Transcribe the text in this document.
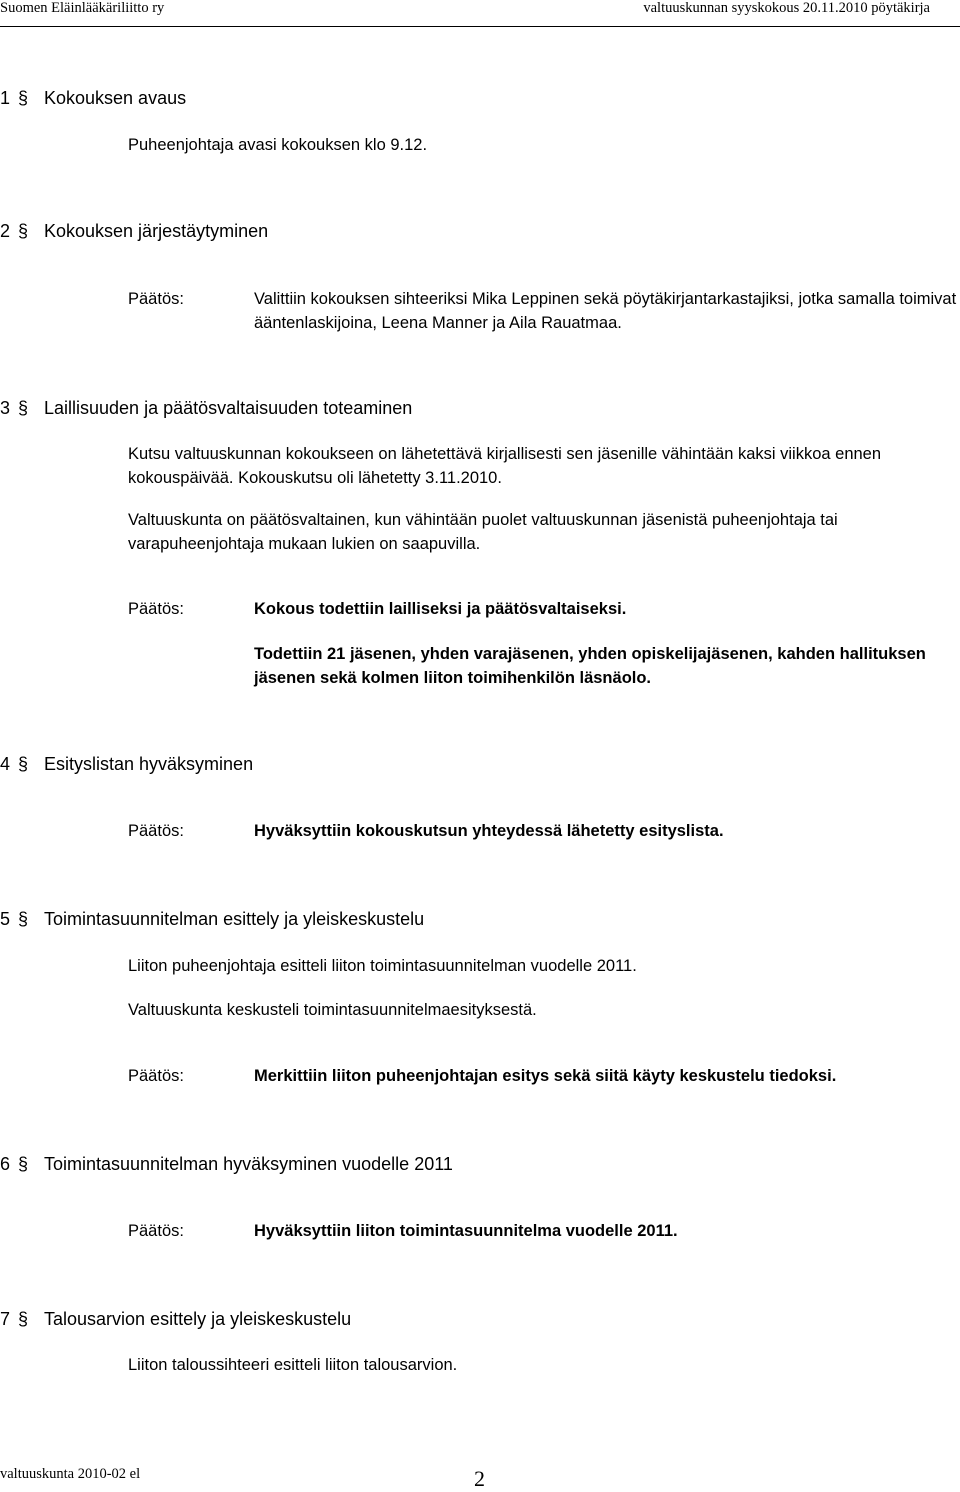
Suomen Eläinlääkäriliitto ry	valtuuskunnan syyskokous 20.11.2010 pöytäkirja
1 § Kokouksen avaus
Puheenjohtaja avasi kokouksen klo 9.12.
2 § Kokouksen järjestäytyminen
Päätös:	Valittiin kokouksen sihteeriksi Mika Leppinen sekä pöytäkirjantarkastajiksi, jotka samalla toimivat ääntenlaskijoina, Leena Manner ja Aila Rauatmaa.
3 § Laillisuuden ja päätösvaltaisuuden toteaminen
Kutsu valtuuskunnan kokoukseen on lähetettävä kirjallisesti sen jäsenille vähintään kaksi viikkoa ennen kokouspäivää. Kokouskutsu oli lähetetty 3.11.2010.
Valtuuskunta on päätösvaltainen, kun vähintään puolet valtuuskunnan jäsenistä puheenjohtaja tai varapuheenjohtaja mukaan lukien on saapuvilla.
Päätös:	Kokous todettiin lailliseksi ja päätösvaltaiseksi.
Todettiin 21 jäsenen, yhden varajäsenen, yhden opiskelijajäsenen, kahden hallituksen jäsenen sekä kolmen liiton toimihenkilön läsnäolo.
4 § Esityslistan hyväksyminen
Päätös:	Hyväksyttiin kokouskutsun yhteydessä lähetetty esityslista.
5 § Toimintasuunnitelman esittely ja yleiskeskustelu
Liiton puheenjohtaja esitteli liiton toimintasuunnitelman vuodelle 2011.
Valtuuskunta keskusteli toimintasuunnitelmaesityksestä.
Päätös:	Merkittiin liiton puheenjohtajan esitys sekä siitä käyty keskustelu tiedoksi.
6 § Toimintasuunnitelman hyväksyminen vuodelle 2011
Päätös:	Hyväksyttiin liiton toimintasuunnitelma vuodelle 2011.
7 § Talousarvion esittely ja yleiskeskustelu
Liiton taloussihteeri esitteli liiton talousarvion.
valtuuskunta 2010-02 el	2
